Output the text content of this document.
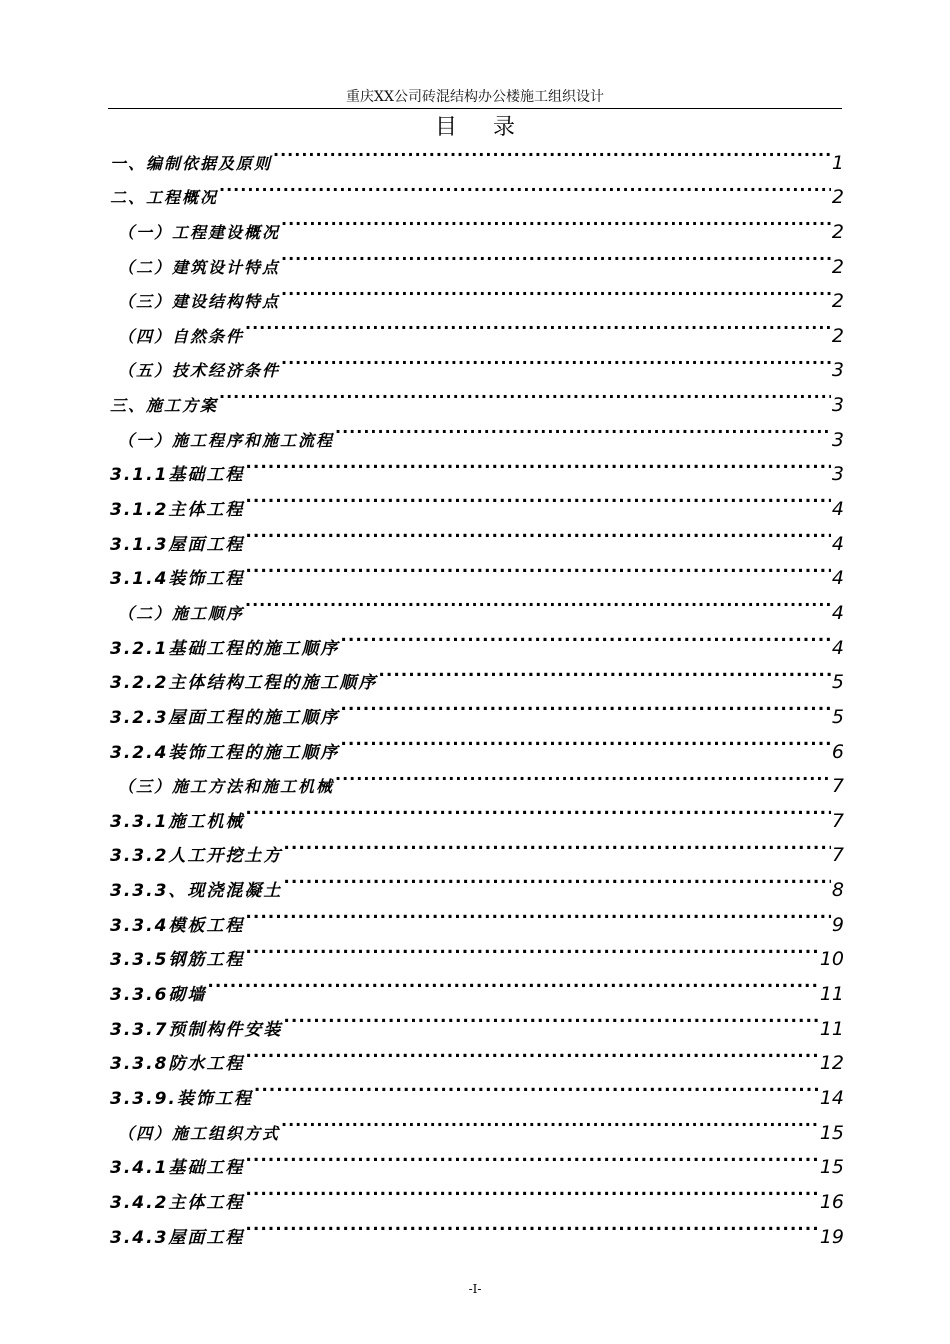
重庆XX公司砖混结构办公楼施工组织设计
目录
一、编制依据及原则 .....	1
二、工程概况 .....	2
（一）工程建设概况 .....	2
（二）建筑设计特点 .....	2
（三）建设结构特点 .....	2
（四）自然条件 .....	2
（五）技术经济条件 .....	3
三、施工方案 .....	3
（一）施工程序和施工流程 .....	3
3.1.1基础工程 .....	3
3.1.2主体工程 .....	4
3.1.3屋面工程 .....	4
3.1.4装饰工程 .....	4
（二）施工顺序 .....	4
3.2.1基础工程的施工顺序 .....	4
3.2.2主体结构工程的施工顺序 .....	5
3.2.3屋面工程的施工顺序 .....	5
3.2.4装饰工程的施工顺序 .....	6
（三）施工方法和施工机械 .....	7
3.3.1施工机械 .....	7
3.3.2人工开挖土方 .....	7
3.3.3、现浇混凝土 .....	8
3.3.4模板工程 .....	9
3.3.5钢筋工程 .....	10
3.3.6砌墙 .....	11
3.3.7预制构件安装 .....	11
3.3.8防水工程 .....	12
3.3.9.装饰工程 .....	14
（四）施工组织方式 .....	15
3.4.1基础工程 .....	15
3.4.2主体工程 .....	16
3.4.3屋面工程 .....	19
-I-
